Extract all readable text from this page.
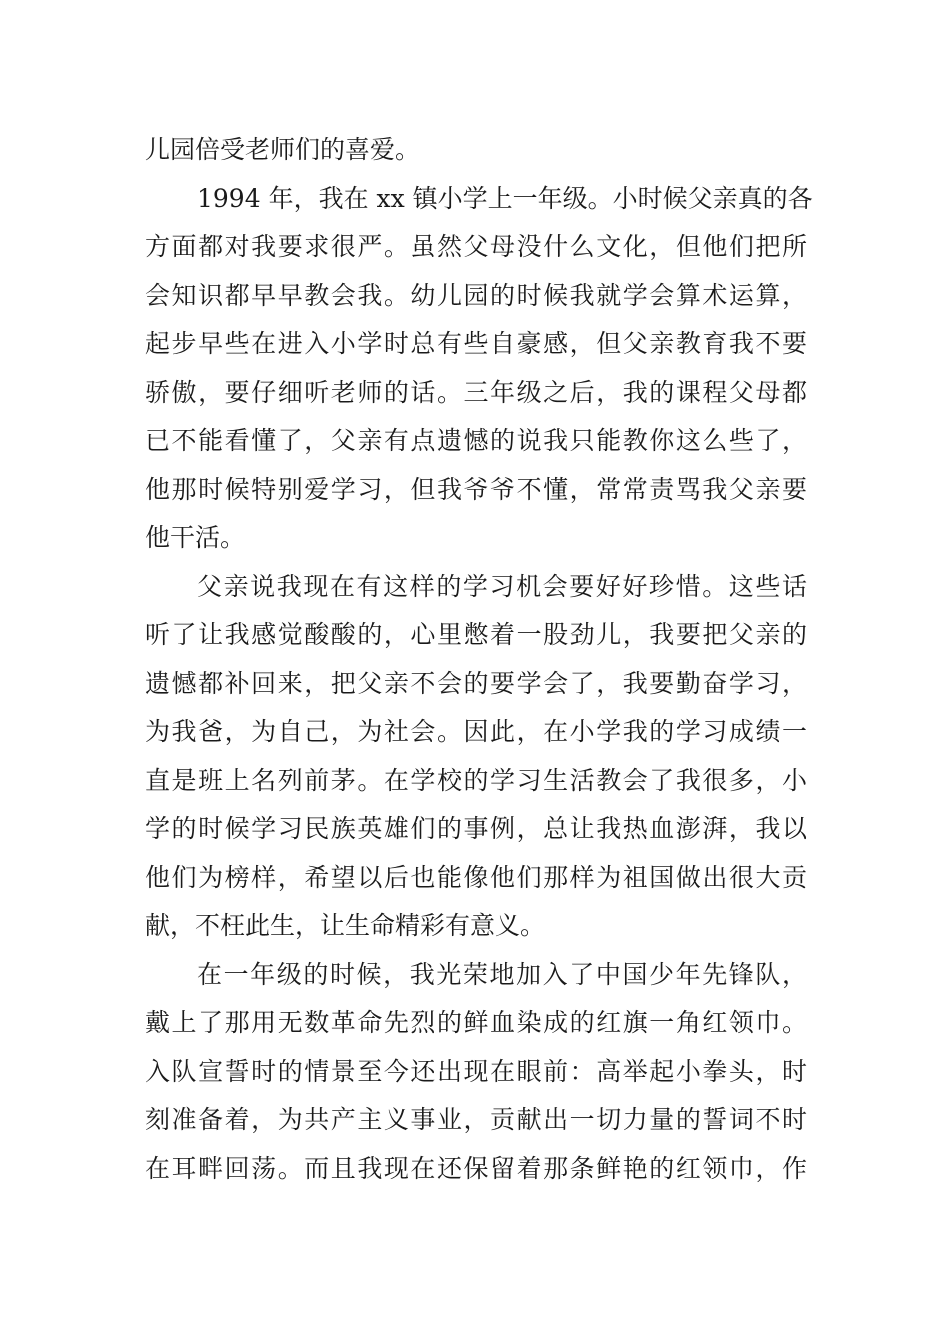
儿园倍受老师们的喜爱。
1994 年，我在 xx 镇小学上一年级。小时候父亲真的各
方面都对我要求很严。虽然父母没什么文化，但他们把所
会知识都早早教会我。幼儿园的时候我就学会算术运算，
起步早些在进入小学时总有些自豪感，但父亲教育我不要
骄傲，要仔细听老师的话。三年级之后，我的课程父母都
已不能看懂了，父亲有点遗憾的说我只能教你这么些了，
他那时候特别爱学习，但我爷爷不懂，常常责骂我父亲要
他干活。
父亲说我现在有这样的学习机会要好好珍惜。这些话
听了让我感觉酸酸的，心里憋着一股劲儿，我要把父亲的
遗憾都补回来，把父亲不会的要学会了，我要勤奋学习，
为我爸，为自己，为社会。因此，在小学我的学习成绩一
直是班上名列前茅。在学校的学习生活教会了我很多，小
学的时候学习民族英雄们的事例，总让我热血澎湃，我以
他们为榜样，希望以后也能像他们那样为祖国做出很大贡
献，不枉此生，让生命精彩有意义。
在一年级的时候，我光荣地加入了中国少年先锋队，
戴上了那用无数革命先烈的鲜血染成的红旗一角红领巾。
入队宣誓时的情景至今还出现在眼前：高举起小拳头，时
刻准备着，为共产主义事业，贡献出一切力量的誓词不时
在耳畔回荡。而且我现在还保留着那条鲜艳的红领巾，作
